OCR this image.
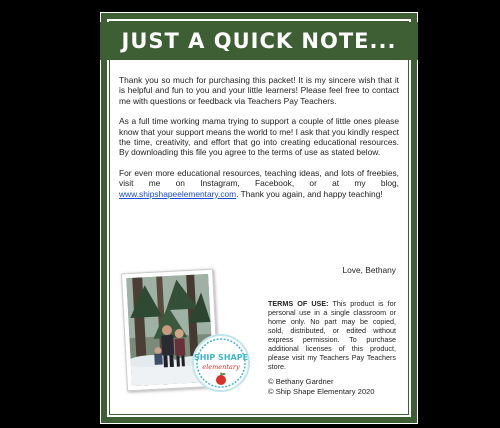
JUST A QUICK NOTE...

Thank you so much for purchasing this packet! It is my sincere wish that it is helpful and fun to you and your little learners! Please feel free to contact me with questions or feedback via Teachers Pay Teachers.

As a full time working mama trying to support a couple of little ones please know that your support means the world to me! I ask that you kindly respect the time, creativity, and effort that go into creating educational resources. By downloading this file you agree to the terms of use as stated below.

For even more educational resources, teaching ideas, and lots of freebies, visit me on Instagram, Facebook, or at my blog, www.shipshapeelementary.com. Thank you again, and happy teaching!

Love, Bethany
SHIP SHAPE
elementary
TERMS OF USE: This product is for personal use in a single classroom or home only. No part may be copied, sold, distributed, or edited without express permission. To purchase additional licenses of this product, please visit my Teachers Pay Teachers store.
© Bethany Gardner
© Ship Shape Elementary 2020
